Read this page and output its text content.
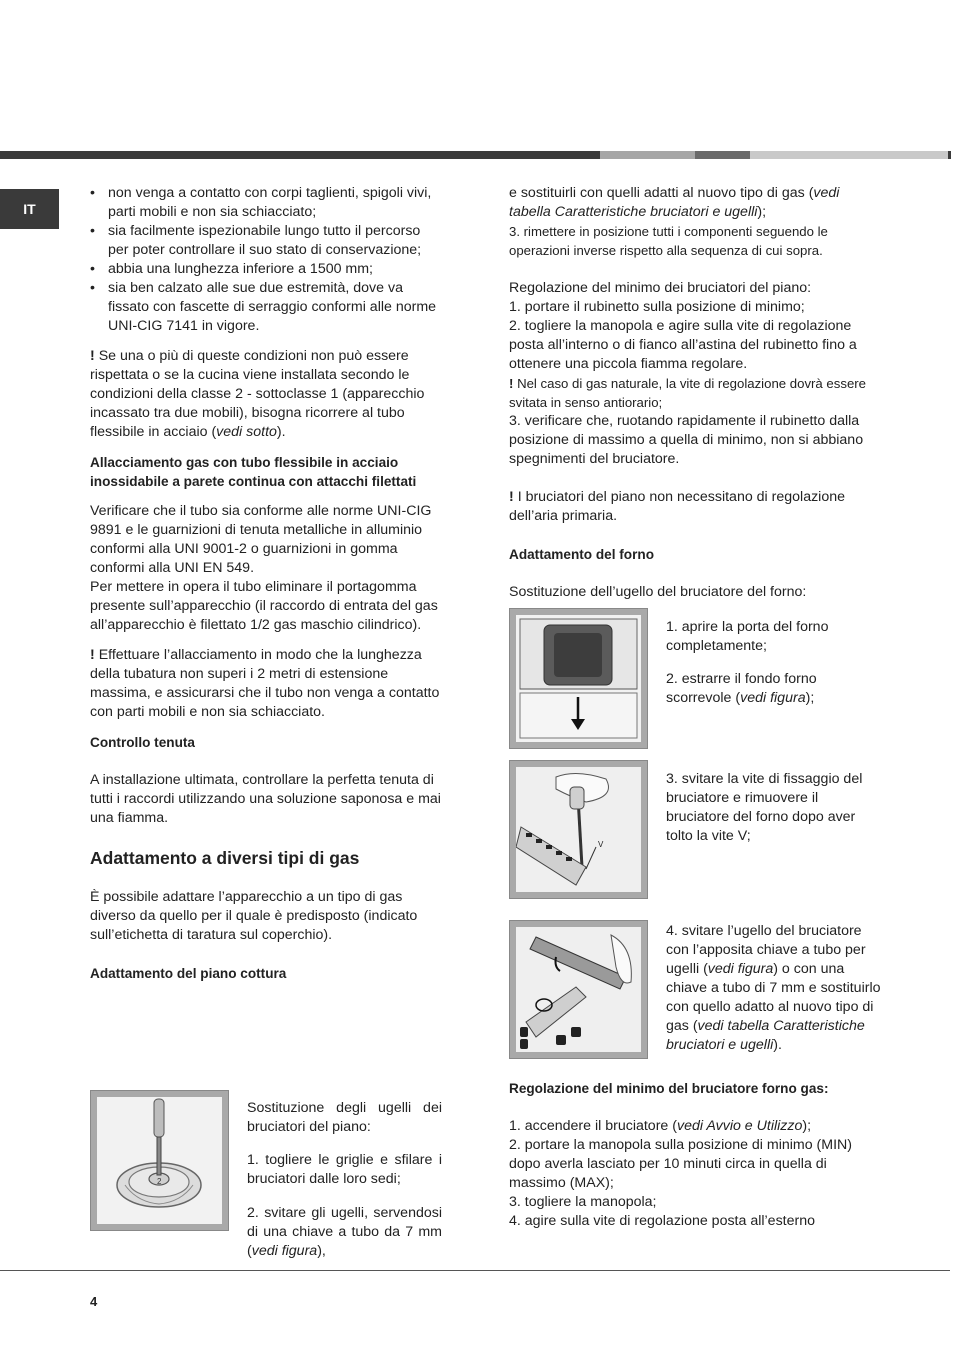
IT
• non venga a contatto con corpi taglienti, spigoli vivi, parti mobili e non sia schiacciato;
• sia facilmente ispezionabile lungo tutto il percorso per poter controllare il suo stato di conservazione;
• abbia una lunghezza inferiore a 1500 mm;
• sia ben calzato alle sue due estremità, dove va fissato con fascette di serraggio conformi alle norme UNI-CIG 7141 in vigore.

! Se una o più di queste condizioni non può essere rispettata o se la cucina viene installata secondo le condizioni della classe 2 - sottoclasse 1 (apparecchio incassato tra due mobili), bisogna ricorrere al tubo flessibile in acciaio (vedi sotto).

Allacciamento gas con tubo flessibile in acciaio inossidabile a parete continua con attacchi filettati

Verificare che il tubo sia conforme alle norme UNI-CIG 9891 e le guarnizioni di tenuta metalliche in alluminio conformi alla UNI 9001-2 o guarnizioni in gomma conformi alla UNI EN 549.

Per mettere in opera il tubo eliminare il portagomma presente sull’apparecchio (il raccordo di entrata del gas all’apparecchio è filettato 1/2 gas maschio cilindrico).

! Effettuare l’allacciamento in modo che la lunghezza della tubatura non superi i 2 metri di estensione massima, e assicurarsi che il tubo non venga a contatto con parti mobili e non sia schiacciato.

Controllo tenuta

A installazione ultimata, controllare la perfetta tenuta di tutti i raccordi utilizzando una soluzione saponosa e mai una fiamma.

Adattamento a diversi tipi di gas

È possibile adattare l’apparecchio a un tipo di gas diverso da quello per il quale è predisposto (indicato sull’etichetta di taratura sul coperchio).

Adattamento del piano cottura

2

Sostituzione degli ugelli dei bruciatori del piano:

1. togliere le griglie e sfilare i bruciatori dalle loro sedi;

2. svitare gli ugelli, servendosi di una chiave a tubo da 7 mm (vedi figura),

e sostituirli con quelli adatti al nuovo tipo di gas (vedi tabella Caratteristiche bruciatori e ugelli);

3. rimettere in posizione tutti i componenti seguendo le operazioni inverse rispetto alla sequenza di cui sopra.

Regolazione del minimo dei bruciatori del piano:

1. portare il rubinetto sulla posizione di minimo;

2. togliere la manopola e agire sulla vite di regolazione posta all’interno o di fianco all’astina del rubinetto fino a ottenere una piccola fiamma regolare.

! Nel caso di gas naturale, la vite di regolazione dovrà essere svitata in senso antiorario;

3. verificare che, ruotando rapidamente il rubinetto dalla posizione di massimo a quella di minimo, non si abbiano spegnimenti del bruciatore.

! I bruciatori del piano non necessitano di regolazione dell’aria primaria.

Adattamento del forno

Sostituzione dell’ugello del bruciatore del forno:

1. aprire la porta del forno completamente;

2. estrarre il fondo forno scorrevole (vedi figura);

V

3. svitare la vite di fissaggio del bruciatore e rimuovere il bruciatore del forno dopo aver tolto la vite V;

4. svitare l’ugello del bruciatore con l’apposita chiave a tubo per ugelli (vedi figura) o con una chiave a tubo di 7 mm e sostituirlo con quello adatto al nuovo tipo di gas (vedi tabella Caratteristiche bruciatori e ugelli).

Regolazione del minimo del bruciatore forno gas:

1. accendere il bruciatore (vedi Avvio e Utilizzo);

2. portare la manopola sulla posizione di minimo (MIN) dopo averla lasciato per 10 minuti circa in quella di massimo (MAX);

3. togliere la manopola;

4. agire sulla vite di regolazione posta all’esterno

4
